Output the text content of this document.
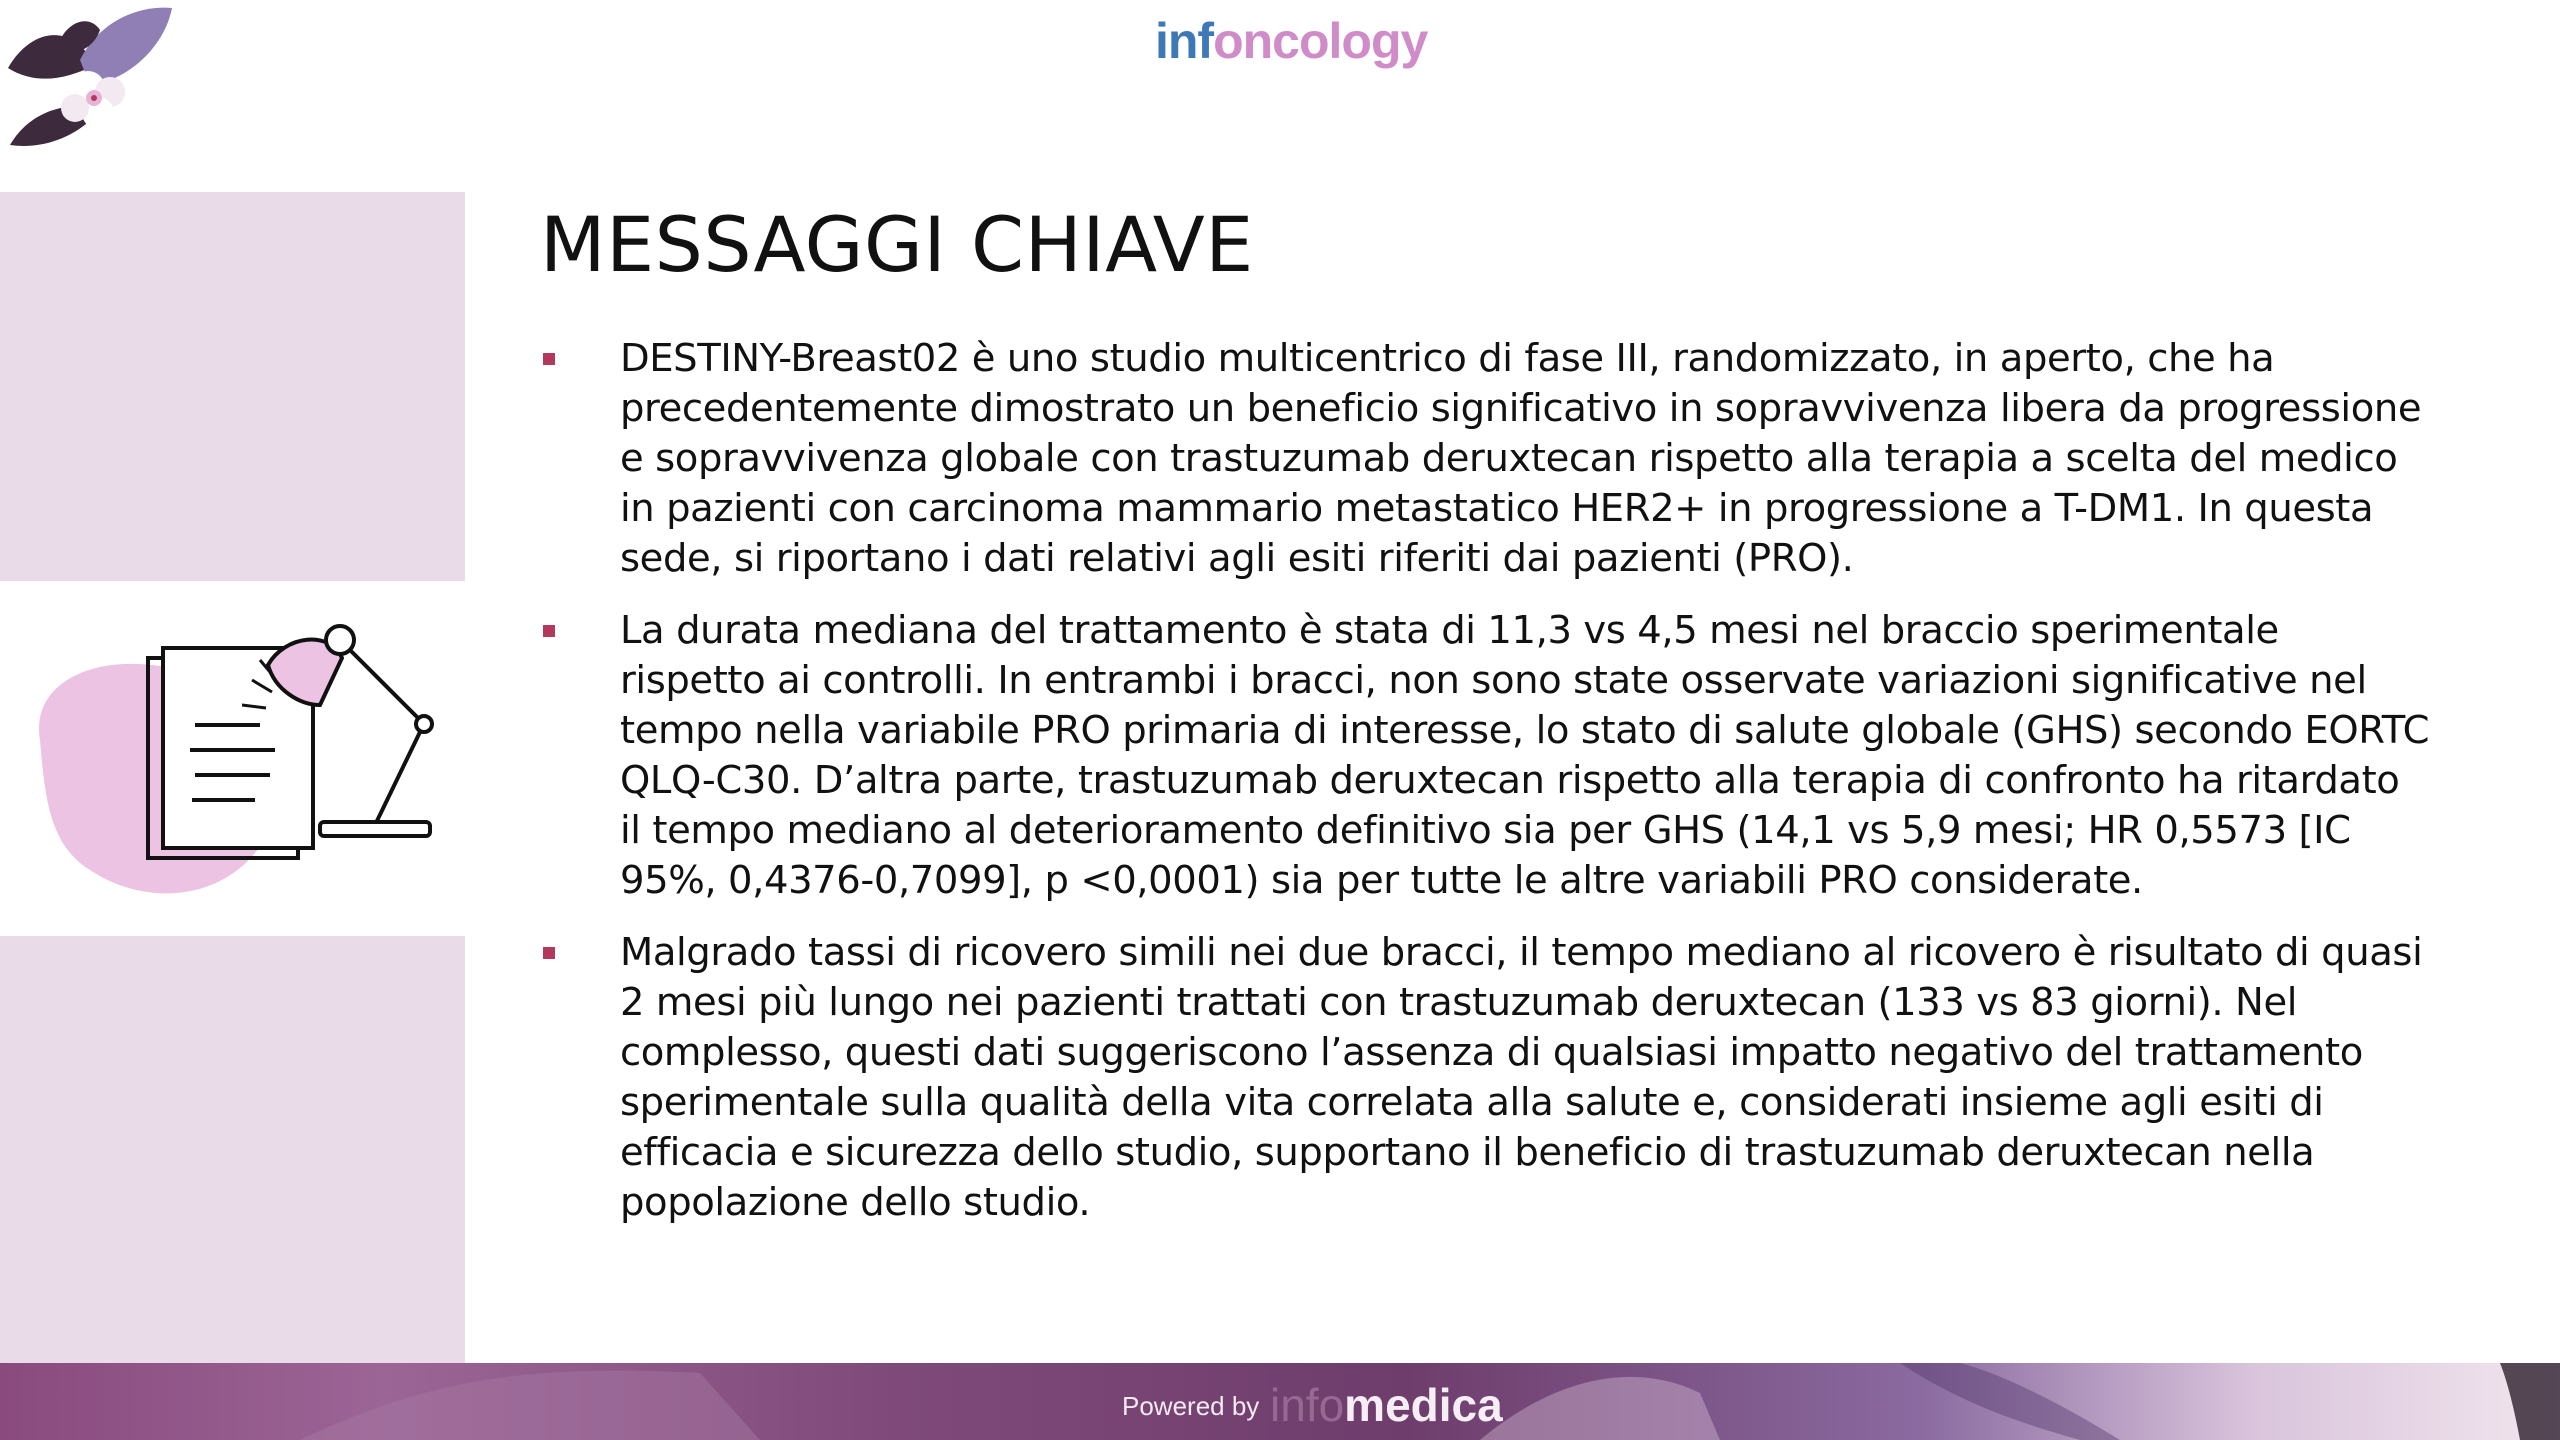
infoncology
MESSAGGI CHIAVE
DESTINY-Breast02 è uno studio multicentrico di fase III, randomizzato, in aperto, che ha precedentemente dimostrato un beneficio significativo in sopravvivenza libera da progressione e sopravvivenza globale con trastuzumab deruxtecan rispetto alla terapia a scelta del medico in pazienti con carcinoma mammario metastatico HER2+ in progressione a T-DM1. In questa sede, si riportano i dati relativi agli esiti riferiti dai pazienti (PRO).
La durata mediana del trattamento è stata di 11,3 vs 4,5 mesi nel braccio sperimentale rispetto ai controlli. In entrambi i bracci, non sono state osservate variazioni significative nel tempo nella variabile PRO primaria di interesse, lo stato di salute globale (GHS) secondo EORTC QLQ-C30. D’altra parte, trastuzumab deruxtecan rispetto alla terapia di confronto ha ritardato il tempo mediano al deterioramento definitivo sia per GHS (14,1 vs 5,9 mesi; HR 0,5573 [IC 95%, 0,4376-0,7099], p <0,0001) sia per tutte le altre variabili PRO considerate.
Malgrado tassi di ricovero simili nei due bracci, il tempo mediano al ricovero è risultato di quasi 2 mesi più lungo nei pazienti trattati con trastuzumab deruxtecan (133 vs 83 giorni). Nel complesso, questi dati suggeriscono l’assenza di qualsiasi impatto negativo del trattamento sperimentale sulla qualità della vita correlata alla salute e, considerati insieme agli esiti di efficacia e sicurezza dello studio, supportano il beneficio di trastuzumab deruxtecan nella popolazione dello studio.
Powered by infomedica
